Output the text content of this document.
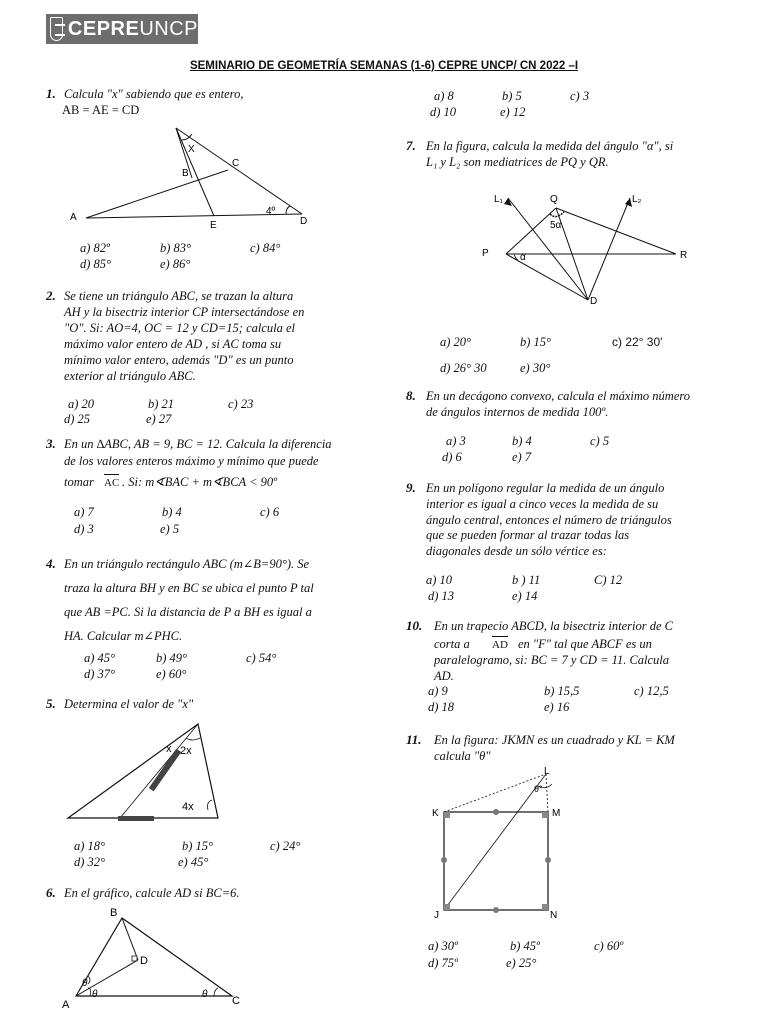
CEPREUNCP
SEMINARIO DE GEOMETRÍA SEMANAS (1-6) CEPRE UNCP/ CN 2022 –I
1. Calcula "x" sabiendo que es entero,
AB = AE = CD
A
B
C
D
E
X
4º
a) 82º	b) 83°	c) 84°
d) 85°	e) 86°
2. Se tiene un triángulo ABC, se trazan la altura
AH y la bisectriz interior CP intersectándose en
"O". Si: AO=4, OC = 12 y CD=15; calcula el
máximo valor entero de AD , si AC toma su
mínimo valor entero, además "D" es un punto
exterior al triángulo ABC.
a) 20	b) 21	c) 23
d) 25	e) 27
3. En un ∆ABC, AB = 9, BC = 12. Calcula la diferencia
de los valores enteros máximo y mínimo que puede
tomar AC . Si: m∢BAC + m∢BCA < 90º
a) 7	b) 4	c) 6
d) 3	e) 5
4. En un triángulo rectángulo ABC (m∠B=90°). Se
traza la altura BH y en BC se ubica el punto P tal
que AB =PC. Si la distancia de P a BH es igual a
HA. Calcular m∠PHC.
a) 45°	b) 49°	c) 54°
d) 37°	e) 60°
5. Determina el valor de "x"
x 2x
4x
a) 18°	b) 15°	c) 24°
d) 32°	e) 45°
6. En el gráfico, calcule AD si BC=6.
A
B
C
D
θ
θ	θ
a) 8	b) 5	c) 3
d) 10	e) 12
7. En la figura, calcula la medida del ángulo "α", si
L₁ y L₂ son mediatrices de PQ y QR.
L₁	L₂
Q
P	R
D
5α
α
a) 20°	b) 15°	c) 22° 30'
d) 26° 30	e) 30°
8. En un decágono convexo, calcula el máximo número
de ángulos internos de medida 100º.
a) 3	b) 4	c) 5
d) 6	e) 7
9. En un polígono regular la medida de un ángulo
interior es igual a cinco veces la medida de su
ángulo central, entonces el número de triángulos
que se pueden formar al trazar todas las
diagonales desde un sólo vértice es:
a) 10	b ) 11	C) 12
d) 13	e) 14
10. En un trapecio ABCD, la bisectriz interior de C
corta a AD en "F" tal que ABCF es un
paralelogramo, si: BC = 7 y CD = 11. Calcula
AD.
a) 9	b) 15,5	c) 12,5
d) 18	e) 16
11. En la figura: JKMN es un cuadrado y KL = KM
calcula "θ"
L
K	M
J	N
θ°
a) 30º	b) 45º	c) 60º
d) 75º	e) 25°
